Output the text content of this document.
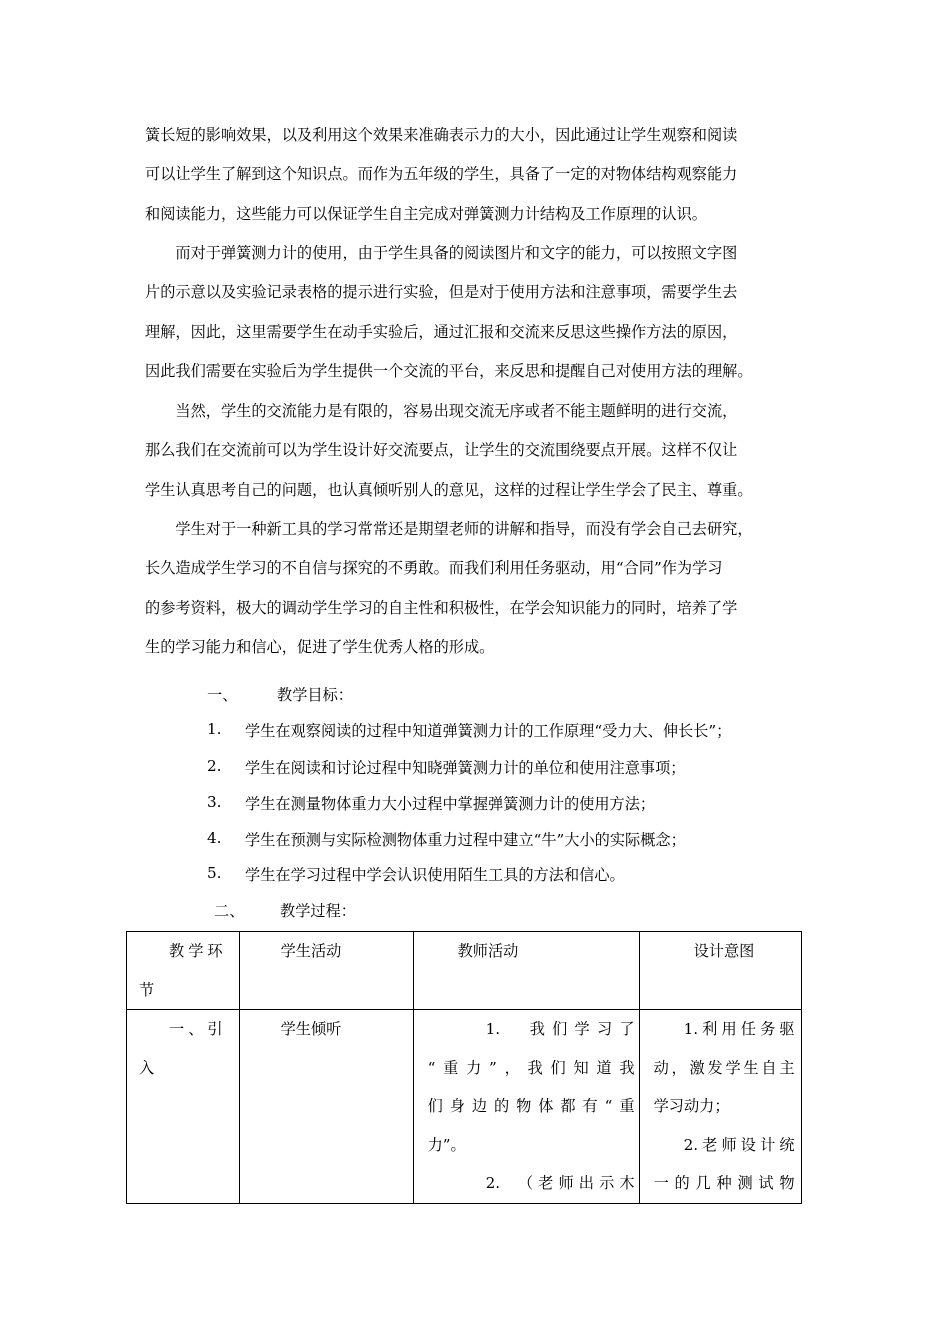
簧长短的影响效果，以及利用这个效果来准确表示力的大小，因此通过让学生观察和阅读
可以让学生了解到这个知识点。而作为五年级的学生，具备了一定的对物体结构观察能力
和阅读能力，这些能力可以保证学生自主完成对弹簧测力计结构及工作原理的认识。
　　而对于弹簧测力计的使用，由于学生具备的阅读图片和文字的能力，可以按照文字图
片的示意以及实验记录表格的提示进行实验，但是对于使用方法和注意事项，需要学生去
理解，因此，这里需要学生在动手实验后，通过汇报和交流来反思这些操作方法的原因，
因此我们需要在实验后为学生提供一个交流的平台，来反思和提醒自己对使用方法的理解。
　　当然，学生的交流能力是有限的，容易出现交流无序或者不能主题鲜明的进行交流，
那么我们在交流前可以为学生设计好交流要点，让学生的交流围绕要点开展。这样不仅让
学生认真思考自己的问题，也认真倾听别人的意见，这样的过程让学生学会了民主、尊重。
　　学生对于一种新工具的学习常常还是期望老师的讲解和指导，而没有学会自己去研究，
长久造成学生学习的不自信与探究的不勇敢。而我们利用任务驱动，用“合同”作为学习
的参考资料，极大的调动学生学习的自主性和积极性，在学会知识能力的同时，培养了学
生的学习能力和信心，促进了学生优秀人格的形成。
一、	教学目标：
1. 学生在观察阅读的过程中知道弹簧测力计的工作原理“受力大、伸长长”；
2. 学生在阅读和讨论过程中知晓弹簧测力计的单位和使用注意事项；
3. 学生在测量物体重力大小过程中掌握弹簧测力计的使用方法；
4. 学生在预测与实际检测物体重力过程中建立“牛”大小的实际概念；
5. 学生在学习过程中学会认识使用陌生工具的方法和信心。
二、 教学过程：
教学环
节	学生活动	教师活动	设计意图

一、引
入	学生倾听	1.　我们学习了
“重力”，我们知道我
们身边的物体都有“重
力”。
2.　（老师出示木	1.利用任务驱
动，激发学生自主
学习动力；
2.老师设计统
一的几种测试物
